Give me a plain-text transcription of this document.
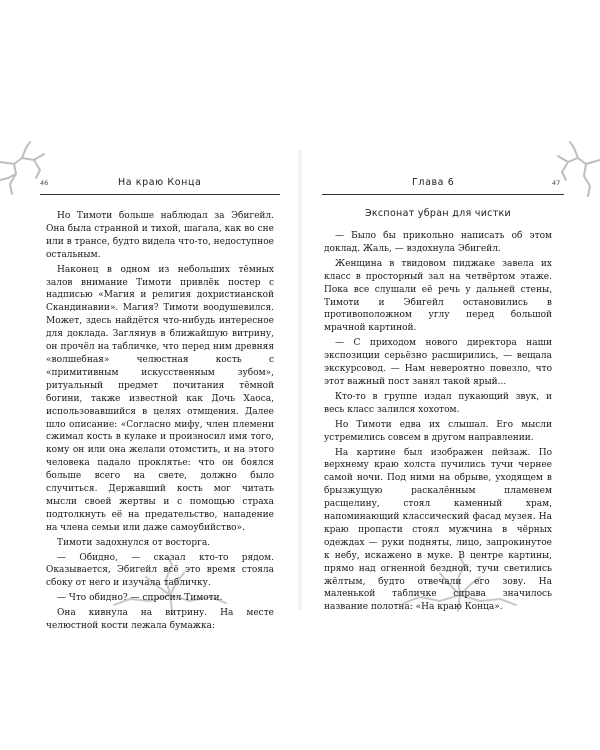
46	На краю Конца

Но Тимоти больше наблюдал за Эбигейл. Она была странной и тихой, шагала, как во сне или в трансе, будто видела что-то, недоступное остальным.

Наконец в одном из небольших тёмных залов внимание Тимоти привлёк постер с надписью «Магия и религия дохристианской Скандинавии». Магия? Тимоти воодушевился. Может, здесь найдётся что-нибудь интересное для доклада. Заглянув в ближайшую витрину, он прочёл на табличке, что перед ним древняя «волшебная» челюстная кость с «примитивным искусственным зубом», ритуальный предмет почитания тёмной богини, также известной как Дочь Хаоса, использовавшийся в целях отмщения. Далее шло описание: «Согласно мифу, член племени сжимал кость в кулаке и произносил имя того, кому он или она желали отомстить, и на этого человека падало проклятье: что он боялся больше всего на свете, должно было случиться. Державший кость мог читать мысли своей жертвы и с помощью страха подтолкнуть её на предательство, нападение на члена семьи или даже самоубийство».

Тимоти задохнулся от восторга.

— Обидно, — сказал кто-то рядом. Оказывается, Эбигейл всё это время стояла сбоку от него и изучала табличку.

— Что обидно? — спросил Тимоти.

Она кивнула на витрину. На месте челюстной кости лежала бумажка:

Глава 6	47
Экспонат убран для чистки

— Было бы прикольно написать об этом доклад. Жаль, — вздохнула Эбигейл.

Женщина в твидовом пиджаке завела их класс в просторный зал на четвёртом этаже. Пока все слушали её речь у дальней стены, Тимоти и Эбигейл остановились в противоположном углу перед большой мрачной картиной.

— С приходом нового директора наши экспозиции серьёзно расширились, — вещала экскурсовод. — Нам невероятно повезло, что этот важный пост занял такой ярый...

Кто-то в группе издал пукающий звук, и весь класс залился хохотом.

Но Тимоти едва их слышал. Его мысли устремились совсем в другом направлении.

На картине был изображен пейзаж. По верхнему краю холста пучились тучи чернее самой ночи. Под ними на обрыве, уходящем в брызжущую раскалённым пламенем расщелину, стоял каменный храм, напоминающий классический фасад музея. На краю пропасти стоял мужчина в чёрных одеждах — руки подняты, лицо, запрокинутое к небу, искажено в муке. В центре картины, прямо над огненной бездной, тучи светились жёлтым, будто отвечали его зову. На маленькой табличке справа значилось название полотна: «На краю Конца».
